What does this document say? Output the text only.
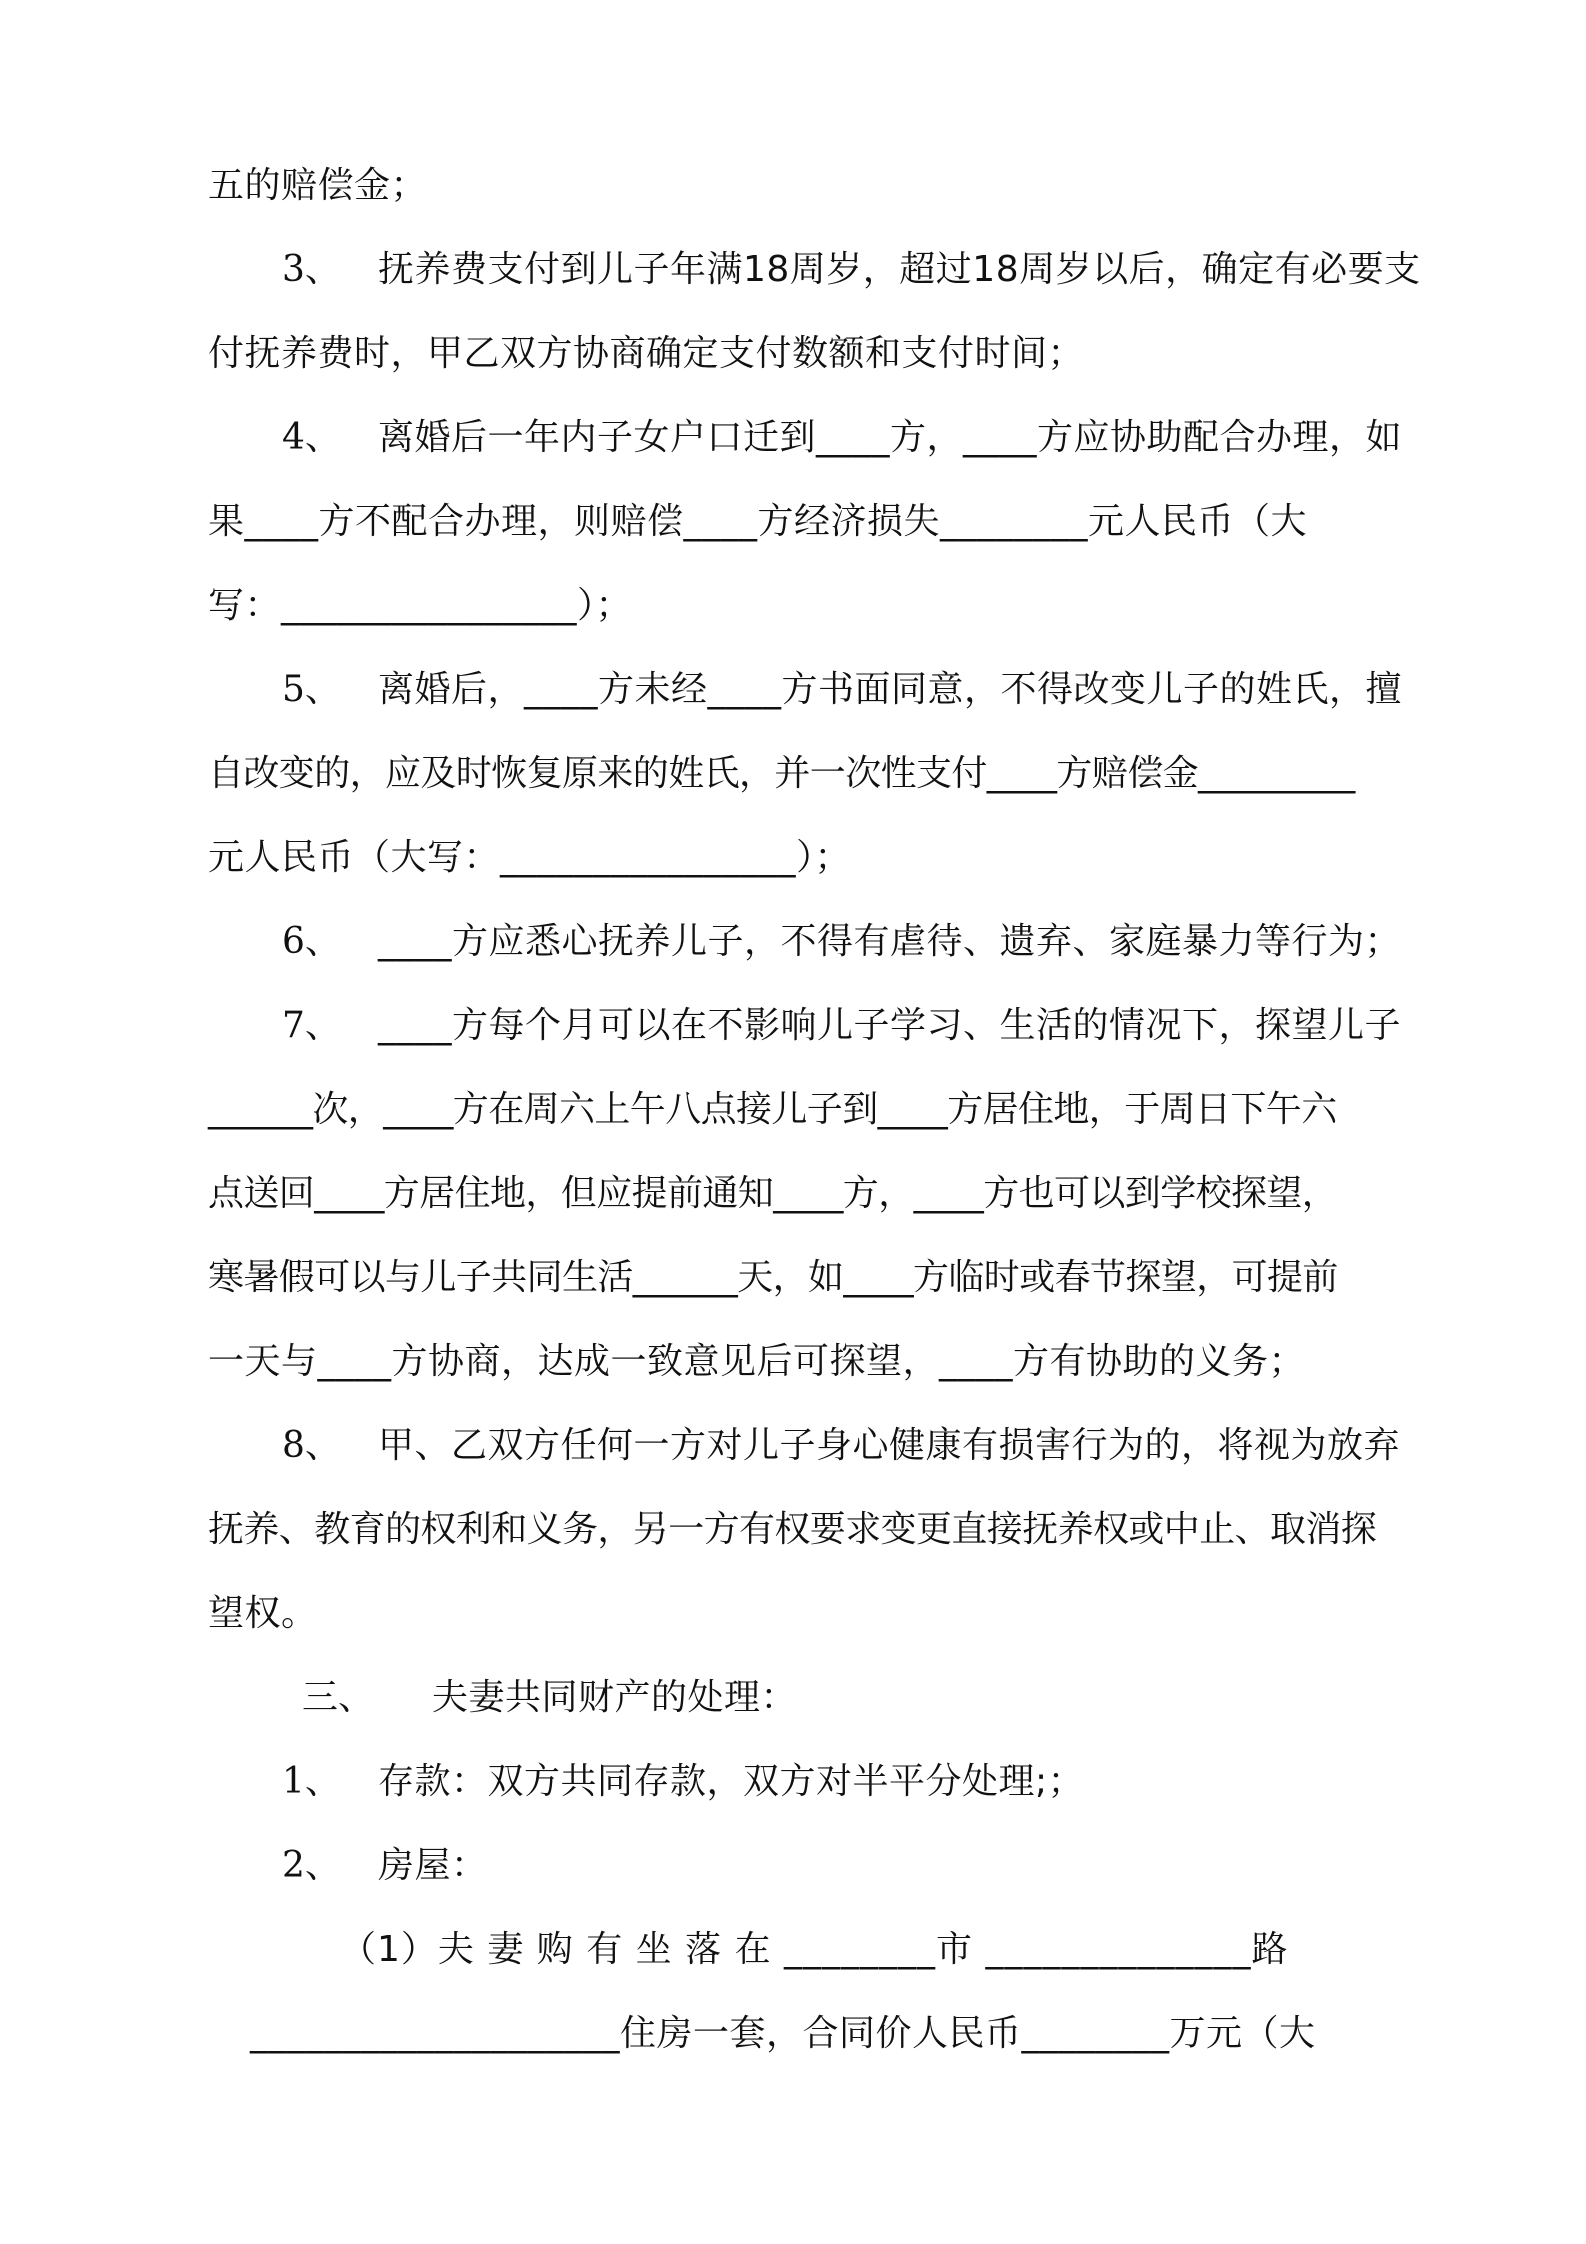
五的赔偿金；
3、 抚养费支付到儿子年满18周岁，超过18周岁以后，确定有必要支
付抚养费时，甲乙双方协商确定支付数额和支付时间；
4、 离婚后一年内子女户口迁到____方，____方应协助配合办理，如
果____方不配合办理，则赔偿____方经济损失________元人民币（大
写：________________）；
5、 离婚后，____方未经____方书面同意，不得改变儿子的姓氏，擅
自改变的，应及时恢复原来的姓氏，并一次性支付____方赔偿金_________
元人民币（大写：________________）；
6、 ____方应悉心抚养儿子，不得有虐待、遗弃、家庭暴力等行为；
7、 ____方每个月可以在不影响儿子学习、生活的情况下，探望儿子
______次，____方在周六上午八点接儿子到____方居住地，于周日下午六
点送回____方居住地，但应提前通知____方，____方也可以到学校探望，
寒暑假可以与儿子共同生活______天，如____方临时或春节探望，可提前
一天与____方协商，达成一致意见后可探望，____方有协助的义务；
8、 甲、乙双方任何一方对儿子身心健康有损害行为的，将视为放弃
抚养、教育的权利和义务，另一方有权要求变更直接抚养权或中止、取消探
望权。
三、 夫妻共同财产的处理：
1、 存款：双方共同存款，双方对半平分处理;；
2、 房屋：
（1）夫 妻 购 有 坐 落 在 ________市 ______________路
____________________住房一套，合同价人民币________万元（大
